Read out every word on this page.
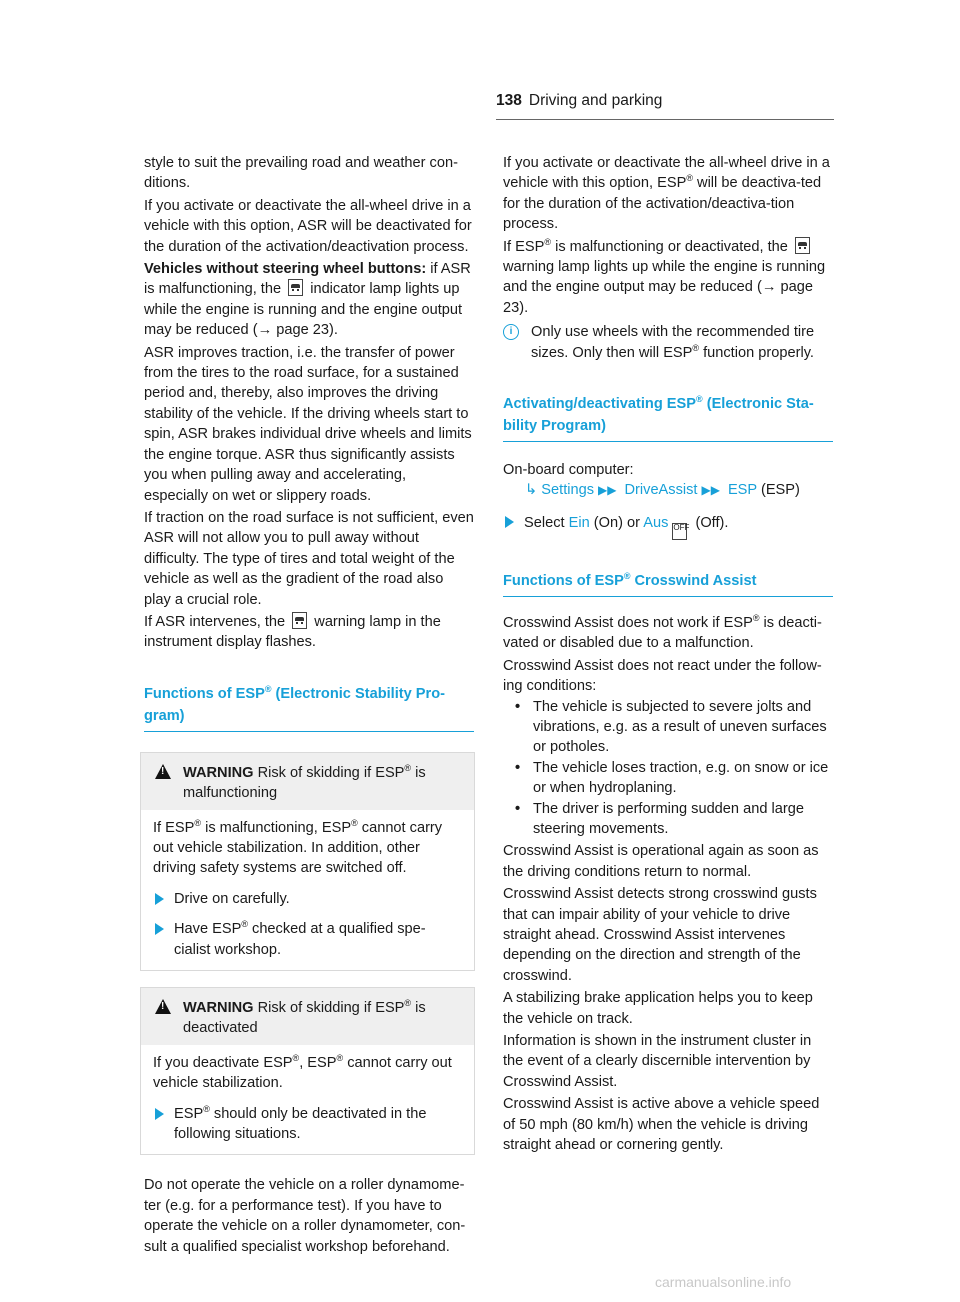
138 Driving and parking

style to suit the prevailing road and weather con-ditions.

If you activate or deactivate the all-wheel drive in a vehicle with this option, ASR will be deactivated for the duration of the activation/deactivation process.

Vehicles without steering wheel buttons: if ASR is malfunctioning, the  indicator lamp lights up while the engine is running and the engine output may be reduced (→ page 23).

ASR improves traction, i.e. the transfer of power from the tires to the road surface, for a sustained period and, thereby, also improves the driving stability of the vehicle. If the driving wheels start to spin, ASR brakes individual drive wheels and limits the engine torque. ASR thus significantly assists you when pulling away and accelerating, especially on wet or slippery roads.

If traction on the road surface is not sufficient, even ASR will not allow you to pull away without difficulty. The type of tires and total weight of the vehicle as well as the gradient of the road also play a crucial role.

If ASR intervenes, the  warning lamp in the instrument display flashes.

Functions of ESP® (Electronic Stability Pro-gram)
!
WARNING Risk of skidding if ESP® is malfunctioning
If ESP® is malfunctioning, ESP® cannot carry out vehicle stabilization. In addition, other driving safety systems are switched off.
Drive on carefully.
Have ESP® checked at a qualified spe-cialist workshop.
!
WARNING Risk of skidding if ESP® is deactivated
If you deactivate ESP®, ESP® cannot carry out vehicle stabilization.
ESP® should only be deactivated in the following situations.

Do not operate the vehicle on a roller dynamome-ter (e.g. for a performance test). If you have to operate the vehicle on a roller dynamometer, con-sult a qualified specialist workshop beforehand.

If you activate or deactivate the all-wheel drive in a vehicle with this option, ESP® will be deactiva-ted for the duration of the activation/deactiva-tion process.

If ESP® is malfunctioning or deactivated, the  warning lamp lights up while the engine is running and the engine output may be reduced (→ page 23).

i	Only use wheels with the recommended tire sizes. Only then will ESP® function properly.
Activating/deactivating ESP® (Electronic Sta-bility Program)

On-board computer:

↳ Settings ▶▶ DriveAssist ▶▶ ESP (ESP)

Select Ein (On) or Aus OFF (Off).

Functions of ESP® Crosswind Assist

Crosswind Assist does not work if ESP® is deacti-vated or disabled due to a malfunction.

Crosswind Assist does not react under the follow-ing conditions:

• The vehicle is subjected to severe jolts and vibrations, e.g. as a result of uneven surfaces or potholes.
• The vehicle loses traction, e.g. on snow or ice or when hydroplaning.
• The driver is performing sudden and large steering movements.

Crosswind Assist is operational again as soon as the driving conditions return to normal.

Crosswind Assist detects strong crosswind gusts that can impair ability of your vehicle to drive straight ahead. Crosswind Assist intervenes depending on the direction and strength of the crosswind.

A stabilizing brake application helps you to keep the vehicle on track.

Information is shown in the instrument cluster in the event of a clearly discernible intervention by Crosswind Assist.

Crosswind Assist is active above a vehicle speed of 50 mph (80 km/h) when the vehicle is driving straight ahead or cornering gently.

carmanualsonline.info
